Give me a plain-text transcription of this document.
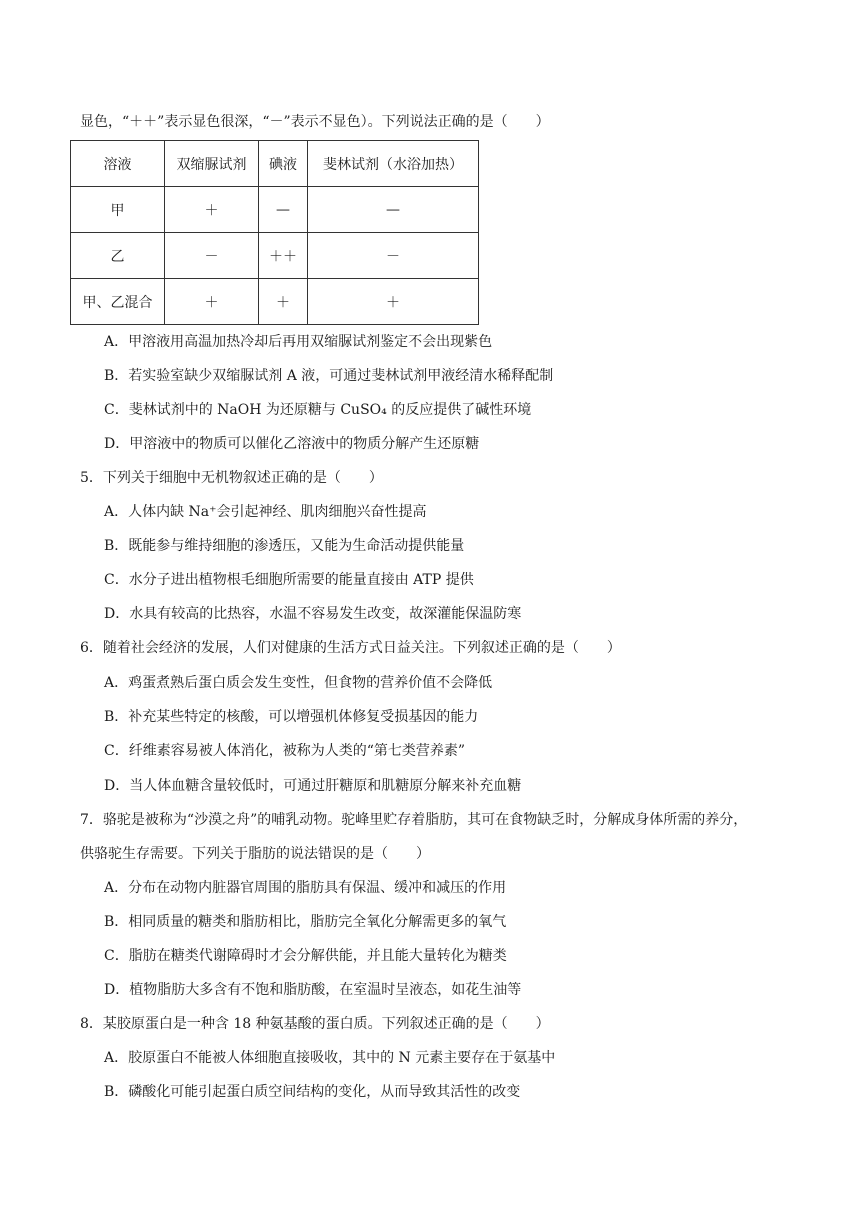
显色，“＋＋”表示显色很深，“－”表示不显色）。下列说法正确的是（　　）
溶液	双缩脲试剂	碘液	斐林试剂（水浴加热）
甲	＋	—	—
乙	－	＋＋	－
甲、乙混合	＋	＋	＋
A．甲溶液用高温加热冷却后再用双缩脲试剂鉴定不会出现紫色
B．若实验室缺少双缩脲试剂 A 液，可通过斐林试剂甲液经清水稀释配制
C．斐林试剂中的 NaOH 为还原糖与 CuSO₄ 的反应提供了碱性环境
D．甲溶液中的物质可以催化乙溶液中的物质分解产生还原糖
5．下列关于细胞中无机物叙述正确的是（　　）
A．人体内缺 Na⁺会引起神经、肌肉细胞兴奋性提高
B．既能参与维持细胞的渗透压，又能为生命活动提供能量
C．水分子进出植物根毛细胞所需要的能量直接由 ATP 提供
D．水具有较高的比热容，水温不容易发生改变，故深灌能保温防寒
6．随着社会经济的发展，人们对健康的生活方式日益关注。下列叙述正确的是（　　）
A．鸡蛋煮熟后蛋白质会发生变性，但食物的营养价值不会降低
B．补充某些特定的核酸，可以增强机体修复受损基因的能力
C．纤维素容易被人体消化，被称为人类的“第七类营养素”
D．当人体血糖含量较低时，可通过肝糖原和肌糖原分解来补充血糖
7．骆驼是被称为“沙漠之舟”的哺乳动物。驼峰里贮存着脂肪，其可在食物缺乏时，分解成身体所需的养分，
供骆驼生存需要。下列关于脂肪的说法错误的是（　　）
A．分布在动物内脏器官周围的脂肪具有保温、缓冲和减压的作用
B．相同质量的糖类和脂肪相比，脂肪完全氧化分解需更多的氧气
C．脂肪在糖类代谢障碍时才会分解供能，并且能大量转化为糖类
D．植物脂肪大多含有不饱和脂肪酸，在室温时呈液态，如花生油等
8．某胶原蛋白是一种含 18 种氨基酸的蛋白质。下列叙述正确的是（　　）
A．胶原蛋白不能被人体细胞直接吸收，其中的 N 元素主要存在于氨基中
B．磷酸化可能引起蛋白质空间结构的变化，从而导致其活性的改变
